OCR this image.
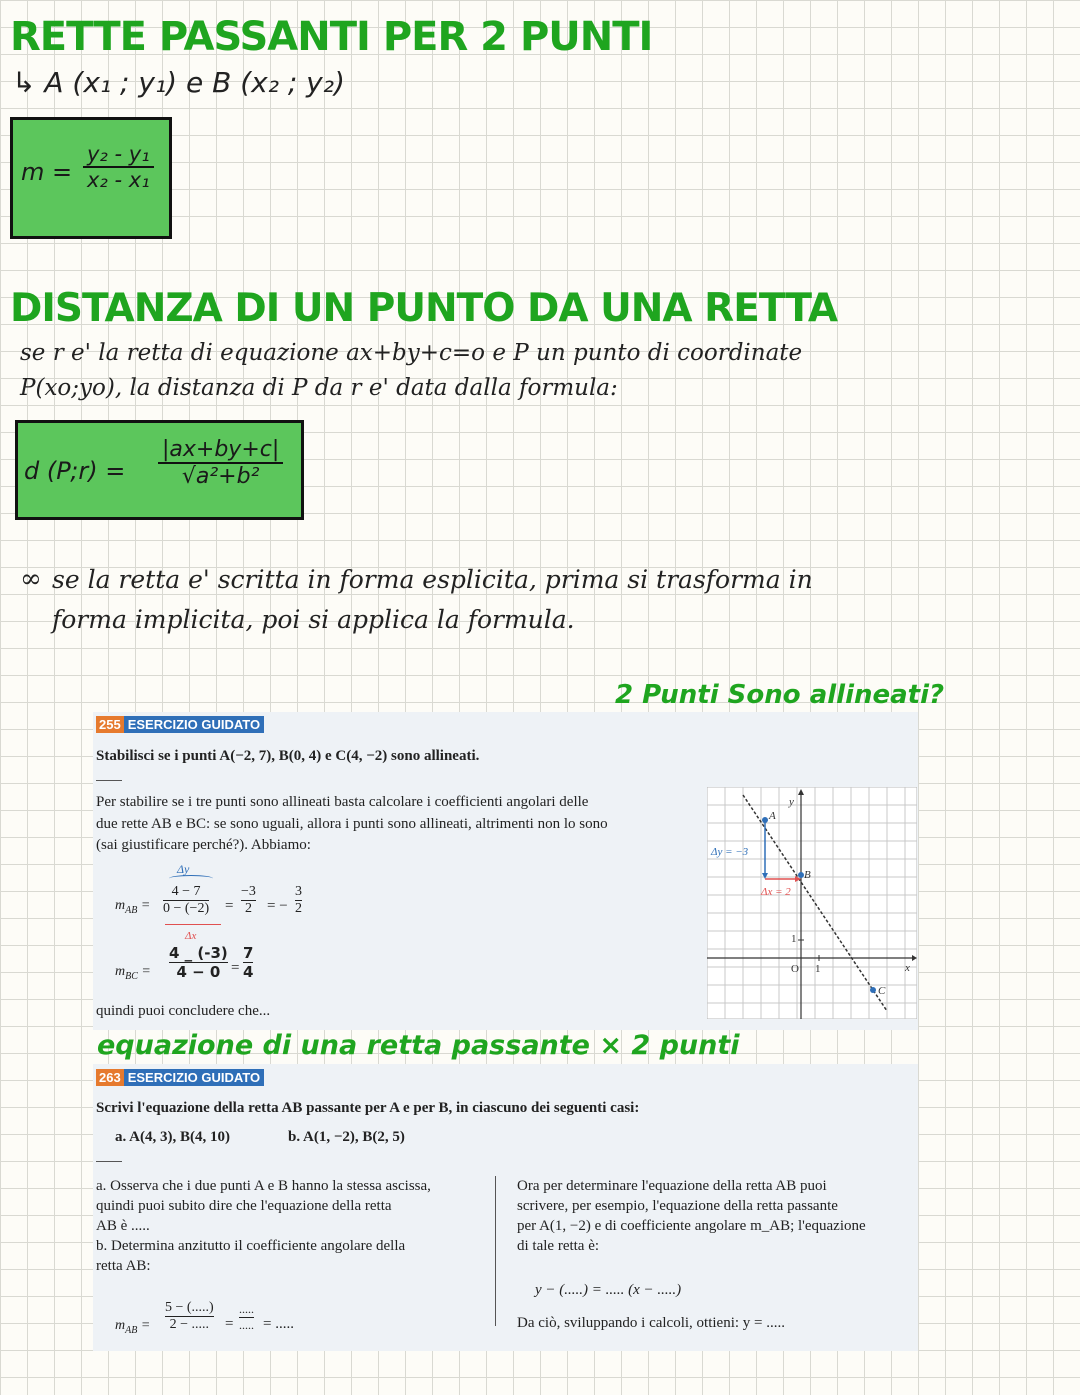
RETTE PASSANTI PER 2 PUNTI
↳ A (x₁ ; y₁) e B (x₂ ; y₂)
m =
y₂ - y₁
x₂ - x₁
DISTANZA DI UN PUNTO DA UNA RETTA
se r e' la retta di equazione ax+by+c=o e P un punto di coordinate
P(xo;yo), la distanza di P da r e' data dalla formula:
d (P;r) =
|ax+by+c|
√a²+b²
∞ se la retta e' scritta in forma esplicita, prima si trasforma in
forma implicita, poi si applica la formula.
2 Punti Sono allineati?
255 ESERCIZIO GUIDATO
Stabilisci se i punti A(−2, 7), B(0, 4) e C(4, −2) sono allineati.
Per stabilire se i tre punti sono allineati basta calcolare i coefficienti angolari delle
due rette AB e BC: se sono uguali, allora i punti sono allineati, altrimenti non lo sono
(sai giustificare perché?). Abbiamo:
$m_{AB}$ =
Δy
4 − 7
0 − (−2)
Δx
=
−3
2 = −
3
2
$m_{BC}$ =
4 _ (-3)
4 − 0 =
7
4
quindi puoi concludere che...
A
B
C
y
x
O 1
1
Δy = −3
Δx = 2
equazione di una retta passante × 2 punti
263 ESERCIZIO GUIDATO
Scrivi l'equazione della retta AB passante per A e per B, in ciascuno dei seguenti casi:
a. A(4, 3), B(4, 10)	b. A(1, −2), B(2, 5)
a. Osserva che i due punti A e B hanno la stessa ascissa,
quindi puoi subito dire che l'equazione della retta
AB è .....
b. Determina anzitutto il coefficiente angolare della
retta AB:
$m_{AB}$ =
5 − (.....)
2 − ..... =
.....
..... = .....
Ora per determinare l'equazione della retta AB puoi
scrivere, per esempio, l'equazione della retta passante
per A(1, −2) e di coefficiente angolare m_AB; l'equazione
di tale retta è:
y − (.....) = ..... (x − .....)
Da ciò, sviluppando i calcoli, ottieni: y = .....
